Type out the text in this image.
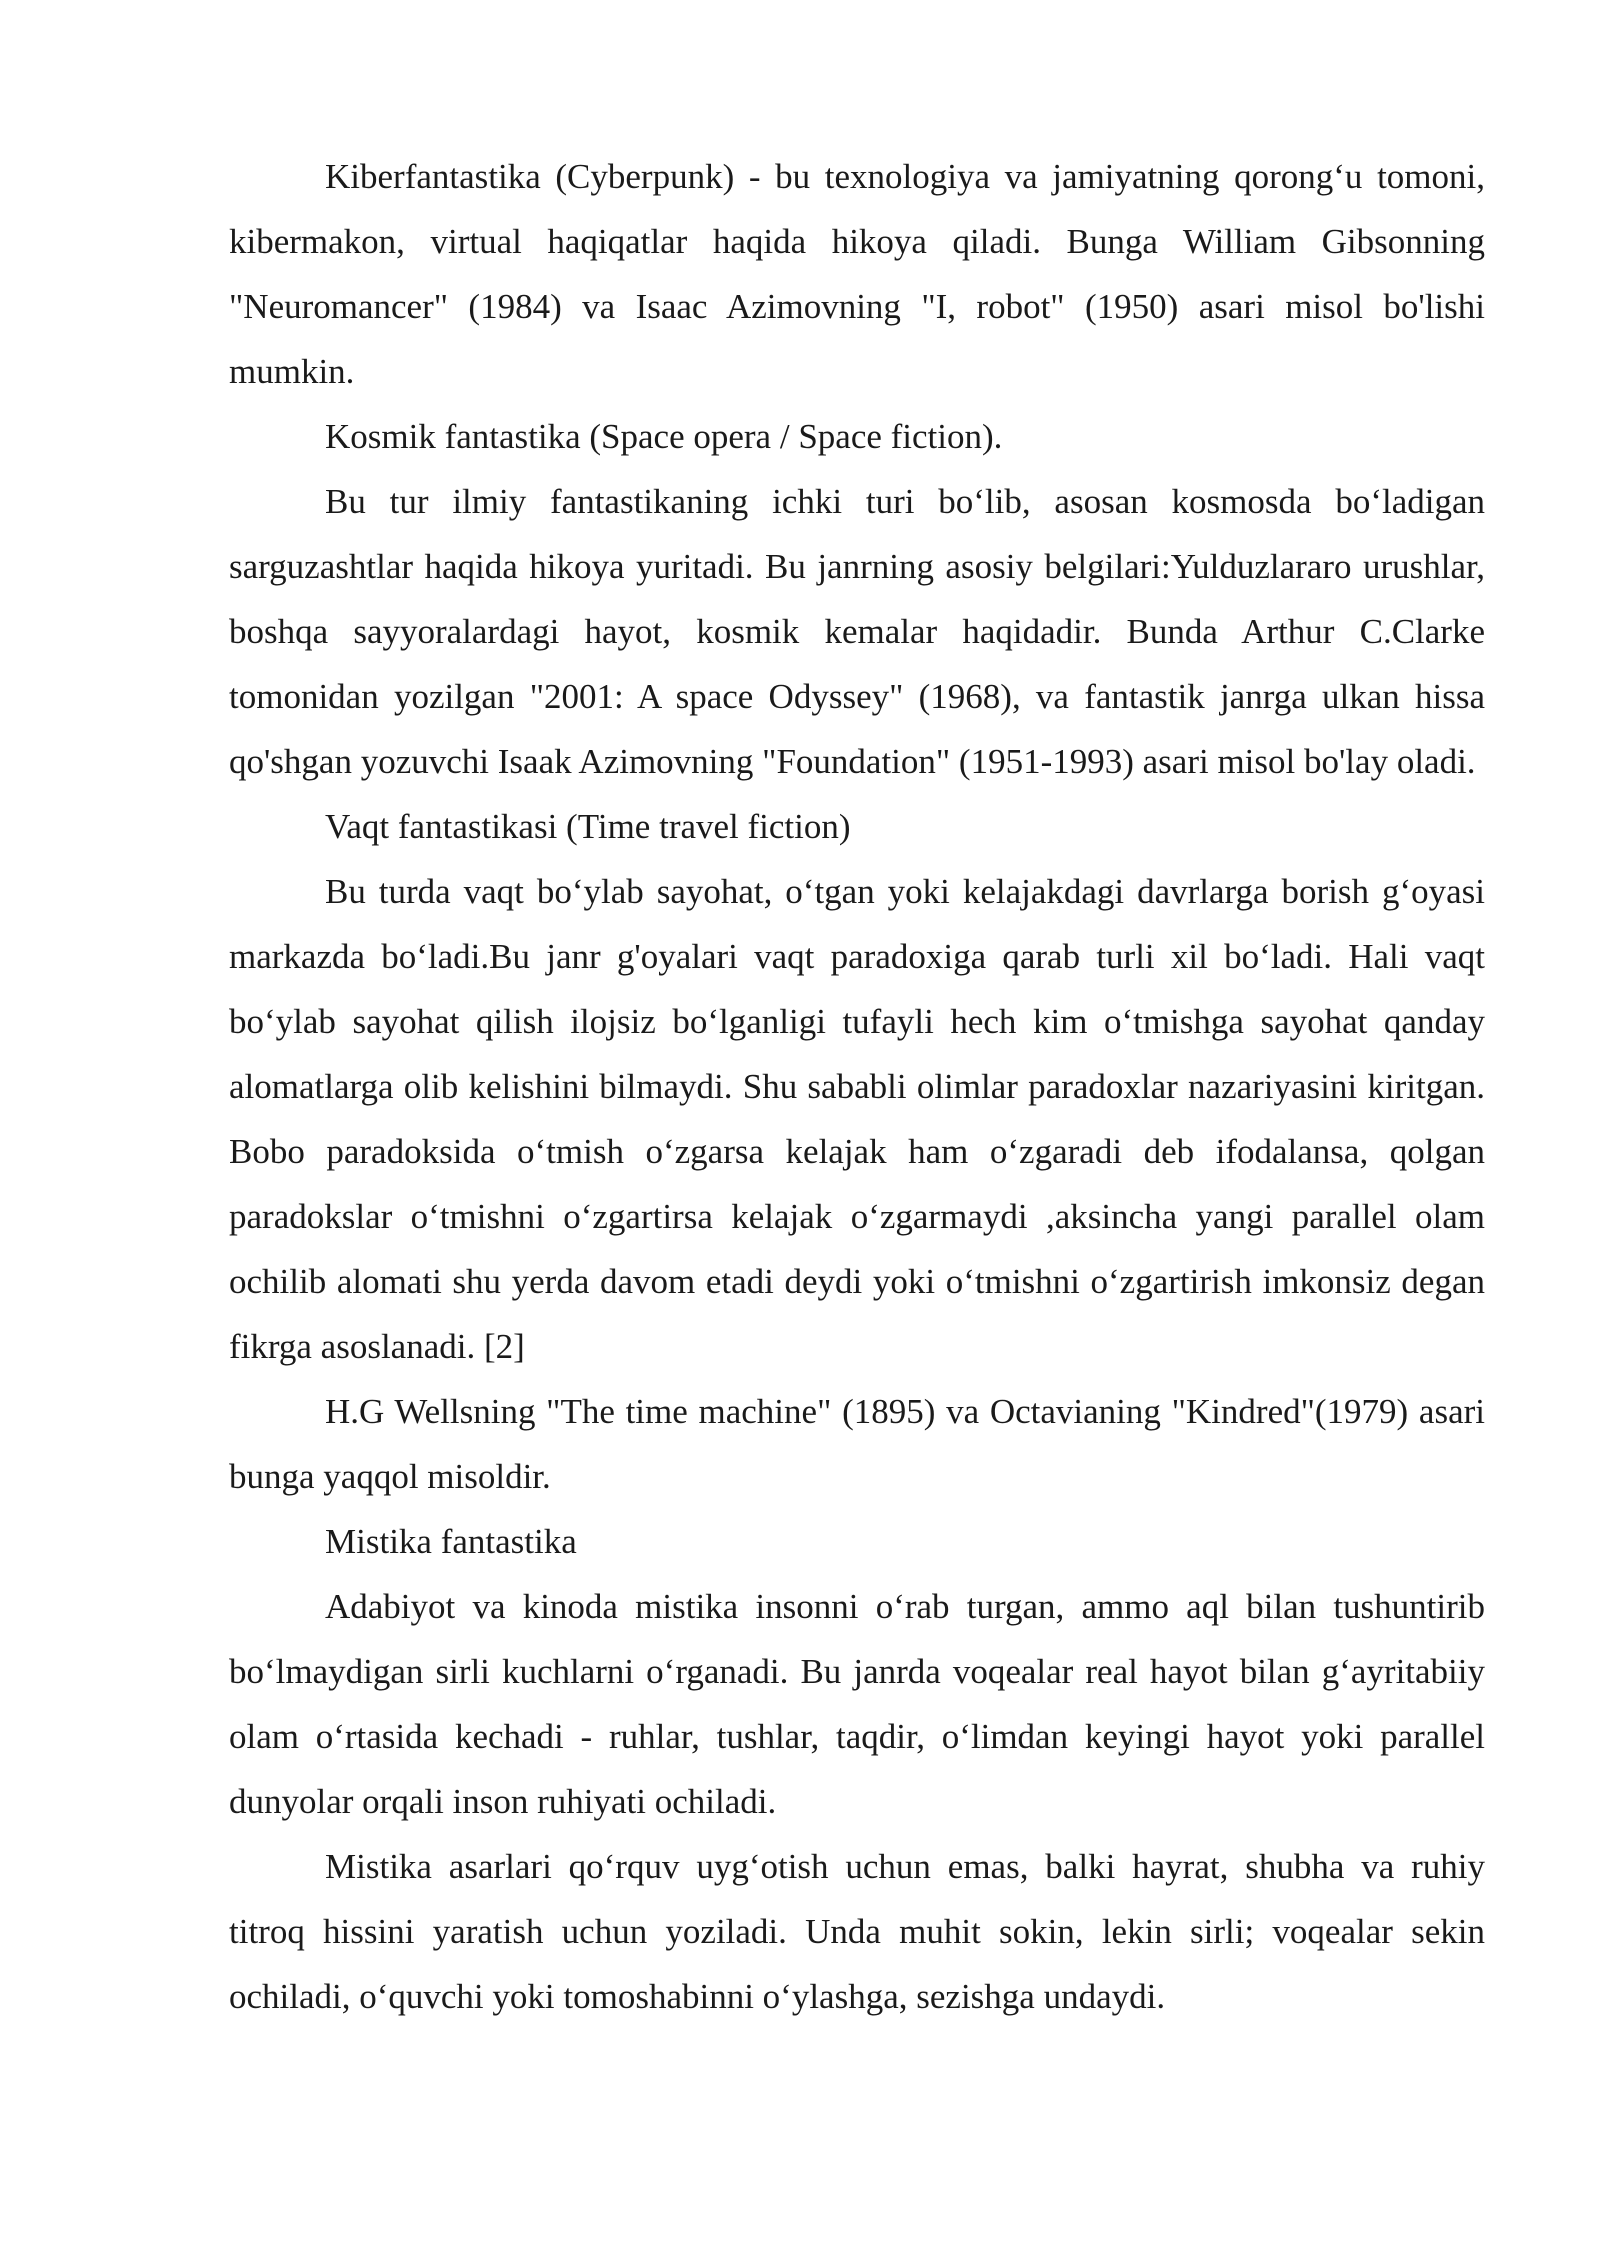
Kiberfantastika (Cyberpunk) - bu texnologiya va jamiyatning qorong‘u tomoni, kibermakon, virtual haqiqatlar haqida hikoya qiladi. Bunga William Gibsonning "Neuromancer" (1984) va Isaac Azimovning "I, robot" (1950) asari misol bo'lishi mumkin.

Kosmik fantastika (Space opera / Space fiction).

Bu tur ilmiy fantastikaning ichki turi bo‘lib, asosan kosmosda bo‘ladigan sarguzashtlar haqida hikoya yuritadi. Bu janrning asosiy belgilari:Yulduzlararo urushlar, boshqa sayyoralardagi hayot, kosmik kemalar haqidadir. Bunda Arthur C.Clarke tomonidan yozilgan "2001: A space Odyssey" (1968), va fantastik janrga ulkan hissa qo'shgan yozuvchi Isaak Azimovning "Foundation" (1951-1993) asari misol bo'lay oladi.

Vaqt fantastikasi (Time travel fiction)

Bu turda vaqt bo‘ylab sayohat, o‘tgan yoki kelajakdagi davrlarga borish g‘oyasi markazda bo‘ladi.Bu janr g'oyalari vaqt paradoxiga qarab turli xil bo‘ladi. Hali vaqt bo‘ylab sayohat qilish ilojsiz bo‘lganligi tufayli hech kim o‘tmishga sayohat qanday alomatlarga olib kelishini bilmaydi. Shu sababli olimlar paradoxlar nazariyasini kiritgan. Bobo paradoksida o‘tmish o‘zgarsa kelajak ham o‘zgaradi deb ifodalansa, qolgan paradokslar o‘tmishni o‘zgartirsa kelajak o‘zgarmaydi ,aksincha yangi parallel olam ochilib alomati shu yerda davom etadi deydi yoki o‘tmishni o‘zgartirish imkonsiz degan fikrga asoslanadi. [2]

H.G Wellsning "The time machine" (1895) va Octavianing "Kindred"(1979) asari bunga yaqqol misoldir.

Mistika fantastika

Adabiyot va kinoda mistika insonni o‘rab turgan, ammo aql bilan tushuntirib bo‘lmaydigan sirli kuchlarni o‘rganadi. Bu janrda voqealar real hayot bilan g‘ayritabiiy olam o‘rtasida kechadi - ruhlar, tushlar, taqdir, o‘limdan keyingi hayot yoki parallel dunyolar orqali inson ruhiyati ochiladi.

Mistika asarlari qo‘rquv uyg‘otish uchun emas, balki hayrat, shubha va ruhiy titroq hissini yaratish uchun yoziladi. Unda muhit sokin, lekin sirli; voqealar sekin ochiladi, o‘quvchi yoki tomoshabinni o‘ylashga, sezishga undaydi.
